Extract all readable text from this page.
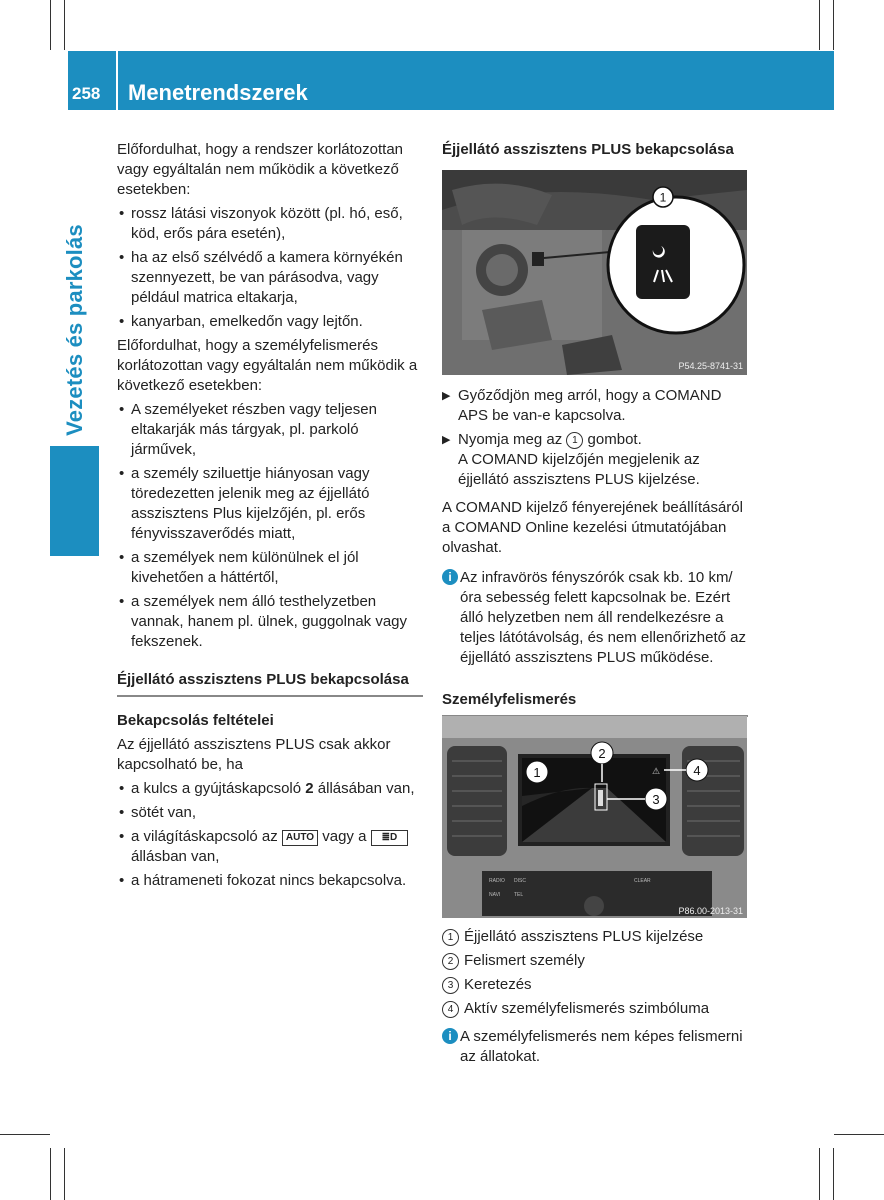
258 Menetrendszerek
Vezetés és parkolás

Előfordulhat, hogy a rendszer korlátozottan vagy egyáltalán nem működik a következő esetekben:

• rossz látási viszonyok között (pl. hó, eső, köd, erős pára esetén),
• ha az első szélvédő a kamera környékén szennyezett, be van párásodva, vagy például matrica eltakarja,
• kanyarban, emelkedőn vagy lejtőn.

Előfordulhat, hogy a személyfelismerés korlátozottan vagy egyáltalán nem működik a következő esetekben:

• A személyeket részben vagy teljesen eltakarják más tárgyak, pl. parkoló járművek,
• a személy sziluettje hiányosan vagy töredezetten jelenik meg az éjjellátó asszisztens Plus kijelzőjén, pl. erős fényvisszaverődés miatt,
• a személyek nem különülnek el jól kivehetően a háttértől,
• a személyek nem álló testhelyzetben vannak, hanem pl. ülnek, guggolnak vagy fekszenek.
Éjjellátó asszisztens PLUS bekapcsolása
Bekapcsolás feltételei

Az éjjellátó asszisztens PLUS csak akkor kapcsolható be, ha

• a kulcs a gyújtáskapcsoló 2 állásában van,
• sötét van,
• a világításkapcsoló az AUTO vagy a ≣D
állásban van,
• a hátrameneti fokozat nincs bekapcsolva.
Éjjellátó asszisztens PLUS bekapcsolása
1
P54.25-8741-31
▶ Győződjön meg arról, hogy a COMAND APS be van-e kapcsolva.
▶ Nyomja meg az 1 gombot.
A COMAND kijelzőjén megjelenik az éjjellátó asszisztens PLUS kijelzése.

A COMAND kijelző fényerejének beállításáról a COMAND Online kezelési útmutatójában olvashat.

i Az infravörös fényszórók csak kb. 10 km/óra sebesség felett kapcsolnak be. Ezért álló helyzetben nem áll rendelkezésre a teljes látótávolság, és nem ellenőrizhető az éjjellátó asszisztens PLUS működése.
Személyfelismerés
⚠
RADIO DISC
NAVI	TEL
CLEAR
1
2
3
4
P86.00-2013-31
1 Éjjellátó asszisztens PLUS kijelzése
2 Felismert személy
3 Keretezés
4 Aktív személyfelismerés szimbóluma
i A személyfelismerés nem képes felismerni az állatokat.
